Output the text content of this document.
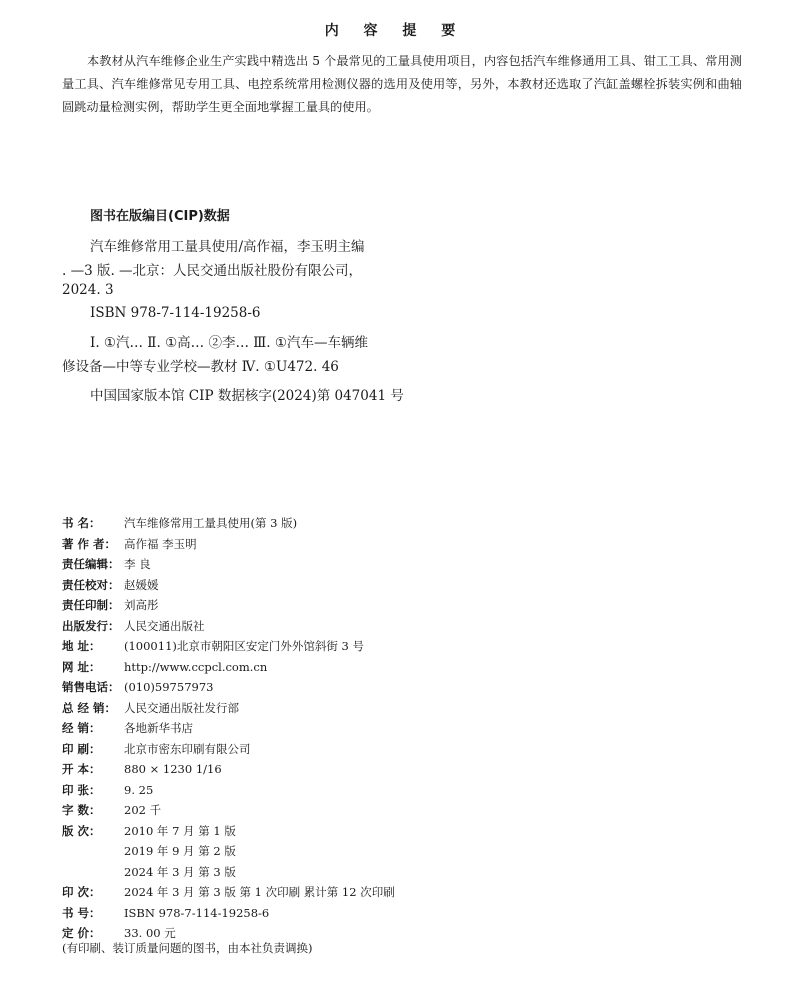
内 容 提 要

本教材从汽车维修企业生产实践中精选出 5 个最常见的工量具使用项目，内容包括汽车维修通用工具、钳工工具、常用测量工具、汽车维修常见专用工具、电控系统常用检测仪器的选用及使用等，另外，本教材还选取了汽缸盖螺栓拆装实例和曲轴圆跳动量检测实例，帮助学生更全面地掌握工量具的使用。

图书在版编目(CIP)数据
汽车维修常用工量具使用/高作福，李玉明主编
. —3 版. —北京：人民交通出版社股份有限公司，
2024. 3
ISBN 978-7-114-19258-6
Ⅰ. ①汽… Ⅱ. ①高… ②李… Ⅲ. ①汽车—车辆维
修设备—中等专业学校—教材 Ⅳ. ①U472. 46
中国国家版本馆 CIP 数据核字(2024)第 047041 号
书 名：	汽车维修常用工量具使用(第 3 版)
著 作 者： 高作福 李玉明
责任编辑： 李 良
责任校对： 赵媛媛
责任印制： 刘高彤
出版发行： 人民交通出版社
地 址：	(100011)北京市朝阳区安定门外外馆斜街 3 号
网 址：	http://www.ccpcl.com.cn
销售电话： (010)59757973
总 经 销： 人民交通出版社发行部
经 销：	各地新华书店
印 刷：	北京市密东印刷有限公司
开 本：	880 × 1230 1/16
印 张：	9. 25
字 数：	202 千
版 次：	2010 年 7 月 第 1 版
2019 年 9 月 第 2 版
2024 年 3 月 第 3 版
印 次：	2024 年 3 月 第 3 版 第 1 次印刷 累计第 12 次印刷
书 号：	ISBN 978-7-114-19258-6
定 价：	33. 00 元
(有印刷、装订质量问题的图书，由本社负责调换)
